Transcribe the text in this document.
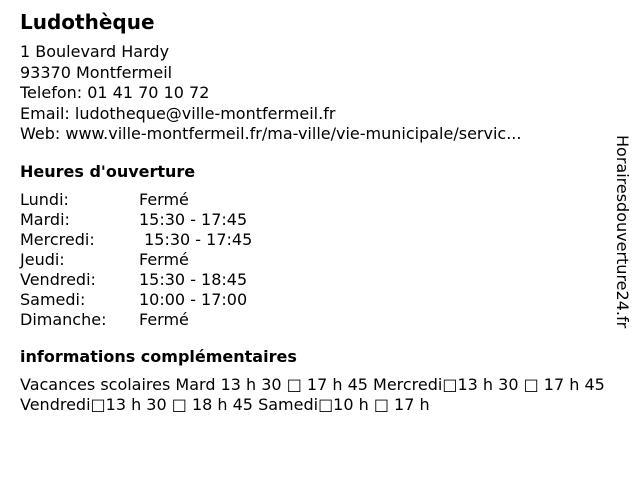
Ludothèque
1 Boulevard Hardy
93370 Montfermeil
Telefon: 01 41 70 10 72
Email: ludotheque@ville-montfermeil.fr
Web: www.ville-montfermeil.fr/ma-ville/vie-municipale/servic...
Heures d'ouverture
Lundi:	Fermé
Mardi:	15:30 - 17:45
Mercredi:	15:30 - 17:45
Jeudi:	Fermé
Vendredi:	15:30 - 18:45
Samedi:	10:00 - 17:00
Dimanche:	Fermé
informations complémentaires
Vacances scolaires Mard 13 h 30 □ 17 h 45 Mercredi□13 h 30 □ 17 h 45 Vendredi□13 h 30 □ 18 h 45 Samedi□10 h □ 17 h
Horairesdouverture24.fr
